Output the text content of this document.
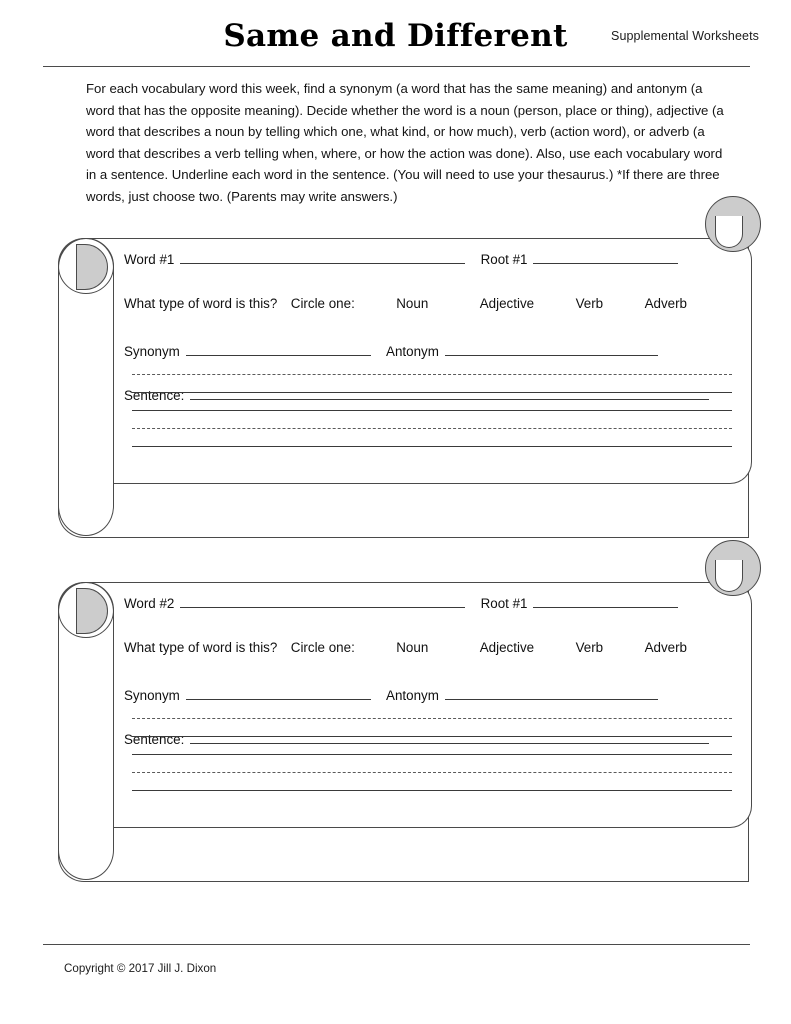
Same and Different	Supplemental Worksheets
For each vocabulary word this week, find a synonym (a word that has the same meaning) and antonym (a word that has the opposite meaning). Decide whether the word is a noun (person, place or thing), adjective (a word that describes a noun by telling which one, what kind, or how much), verb (action word), or adverb (a word that describes a verb telling when, where, or how the action was done). Also, use each vocabulary word in a sentence. Underline each word in the sentence. (You will need to use your thesaurus.) *If there are three words, just choose two. (Parents may write answers.)
Word #1	Root #1
What type of word is this? Circle one:	Noun	Adjective	Verb	Adverb
Synonym	Antonym
Sentence:
Word #2	Root #1
What type of word is this? Circle one:	Noun	Adjective	Verb	Adverb
Synonym	Antonym
Sentence:
Copyright © 2017 Jill J. Dixon
